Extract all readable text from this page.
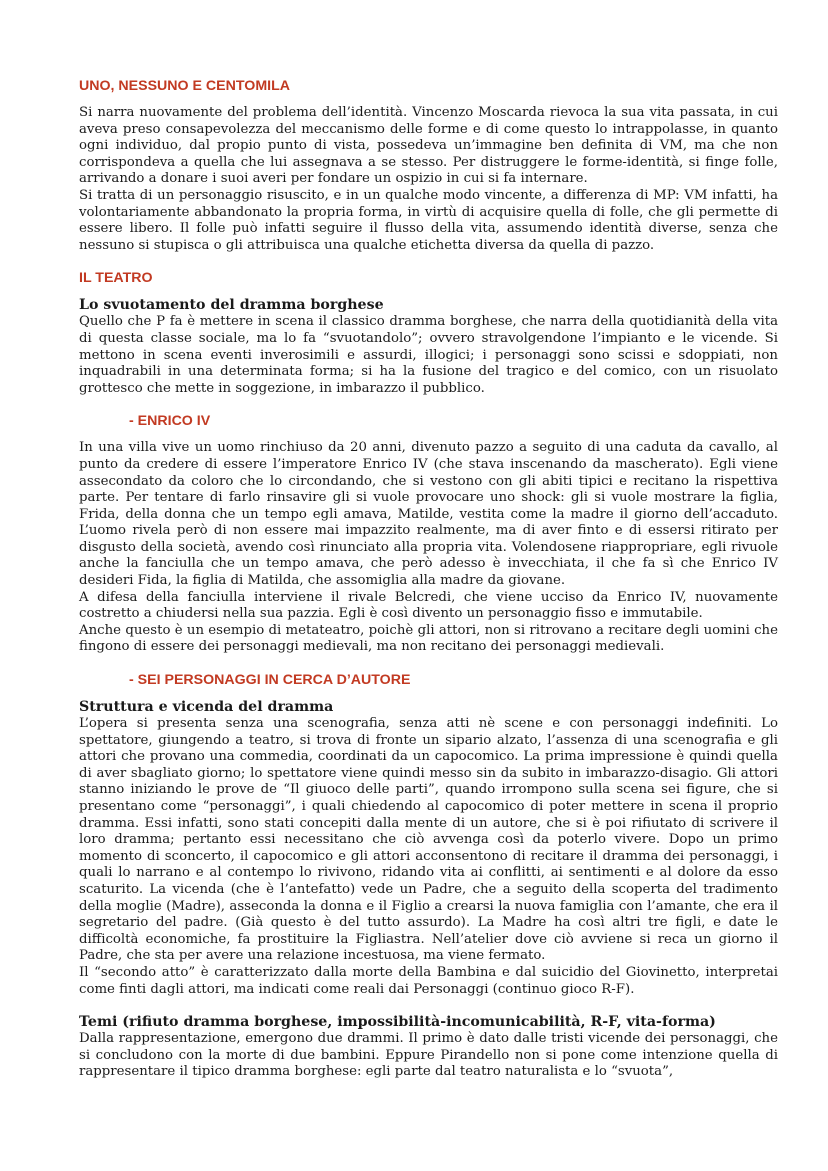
UNO, NESSUNO E CENTOMILA

Si narra nuovamente del problema dell’identità. Vincenzo Moscarda rievoca la sua vita passata, in cui aveva preso consapevolezza del meccanismo delle forme e di come questo lo intrappolasse, in quanto ogni individuo, dal propio punto di vista, possedeva un’immagine ben definita di VM, ma che non corrispondeva a quella che lui assegnava a se stesso. Per distruggere le forme-identità, si finge folle, arrivando a donare i suoi averi per fondare un ospizio in cui si fa internare.

Si tratta di un personaggio risuscito, e in un qualche modo vincente, a differenza di MP: VM infatti, ha volontariamente abbandonato la propria forma, in virtù di acquisire quella di folle, che gli permette di essere libero. Il folle può infatti seguire il flusso della vita, assumendo identità diverse, senza che nessuno si stupisca o gli attribuisca una qualche etichetta diversa da quella di pazzo.

IL TEATRO
Lo svuotamento del dramma borghese

Quello che P fa è mettere in scena il classico dramma borghese, che narra della quotidianità della vita di questa classe sociale, ma lo fa “svuotandolo”; ovvero stravolgendone l’impianto e le vicende. Si mettono in scena eventi inverosimili e assurdi, illogici; i personaggi sono scissi e sdoppiati, non inquadrabili in una determinata forma; si ha la fusione del tragico e del comico, con un risuolato grottesco che mette in soggezione, in imbarazzo il pubblico.

- ENRICO IV

In una villa vive un uomo rinchiuso da 20 anni, divenuto pazzo a seguito di una caduta da cavallo, al punto da credere di essere l’imperatore Enrico IV (che stava inscenando da mascherato). Egli viene assecondato da coloro che lo circondando, che si vestono con gli abiti tipici e recitano la rispettiva parte. Per tentare di farlo rinsavire gli si vuole provocare uno shock: gli si vuole mostrare la figlia, Frida, della donna che un tempo egli amava, Matilde, vestita come la madre il giorno dell’accaduto. L’uomo rivela però di non essere mai impazzito realmente, ma di aver finto e di essersi ritirato per disgusto della società, avendo così rinunciato alla propria vita. Volendosene riappropriare, egli rivuole anche la fanciulla che un tempo amava, che però adesso è invecchiata, il che fa sì che Enrico IV desideri Fida, la figlia di Matilda, che assomiglia alla madre da giovane.

A difesa della fanciulla interviene il rivale Belcredi, che viene ucciso da Enrico IV, nuovamente costretto a chiudersi nella sua pazzia. Egli è così divento un personaggio fisso e immutabile.

Anche questo è un esempio di metateatro, poichè gli attori, non si ritrovano a recitare degli uomini che fingono di essere dei personaggi medievali, ma non recitano dei personaggi medievali.

- SEI PERSONAGGI IN CERCA D’AUTORE
Struttura e vicenda del dramma

L’opera si presenta senza una scenografia, senza atti nè scene e con personaggi indefiniti. Lo spettatore, giungendo a teatro, si trova di fronte un sipario alzato, l’assenza di una scenografia e gli attori che provano una commedia, coordinati da un capocomico. La prima impressione è quindi quella di aver sbagliato giorno; lo spettatore viene quindi messo sin da subito in imbarazzo-disagio. Gli attori stanno iniziando le prove de “Il giuoco delle parti”, quando irrompono sulla scena sei figure, che si presentano come “personaggi”, i quali chiedendo al capocomico di poter mettere in scena il proprio dramma. Essi infatti, sono stati concepiti dalla mente di un autore, che si è poi rifiutato di scrivere il loro dramma; pertanto essi necessitano che ciò avvenga così da poterlo vivere. Dopo un primo momento di sconcerto, il capocomico e gli attori acconsentono di recitare il dramma dei personaggi, i quali lo narrano e al contempo lo rivivono, ridando vita ai conflitti, ai sentimenti e al dolore da esso scaturito. La vicenda (che è l’antefatto) vede un Padre, che a seguito della scoperta del tradimento della moglie (Madre), asseconda la donna e il Figlio a crearsi la nuova famiglia con l’amante, che era il segretario del padre. (Già questo è del tutto assurdo). La Madre ha così altri tre figli, e date le difficoltà economiche, fa prostituire la Figliastra. Nell’atelier dove ciò avviene si reca un giorno il Padre, che sta per avere una relazione incestuosa, ma viene fermato.

Il “secondo atto” è caratterizzato dalla morte della Bambina e dal suicidio del Giovinetto, interpretai come finti dagli attori, ma indicati come reali dai Personaggi (continuo gioco R-F).

Temi (rifiuto dramma borghese, impossibilità-incomunicabilità, R-F, vita-forma)

Dalla rappresentazione, emergono due drammi. Il primo è dato dalle tristi vicende dei personaggi, che si concludono con la morte di due bambini. Eppure Pirandello non si pone come intenzione quella di rappresentare il tipico dramma borghese: egli parte dal teatro naturalista e lo “svuota”,
